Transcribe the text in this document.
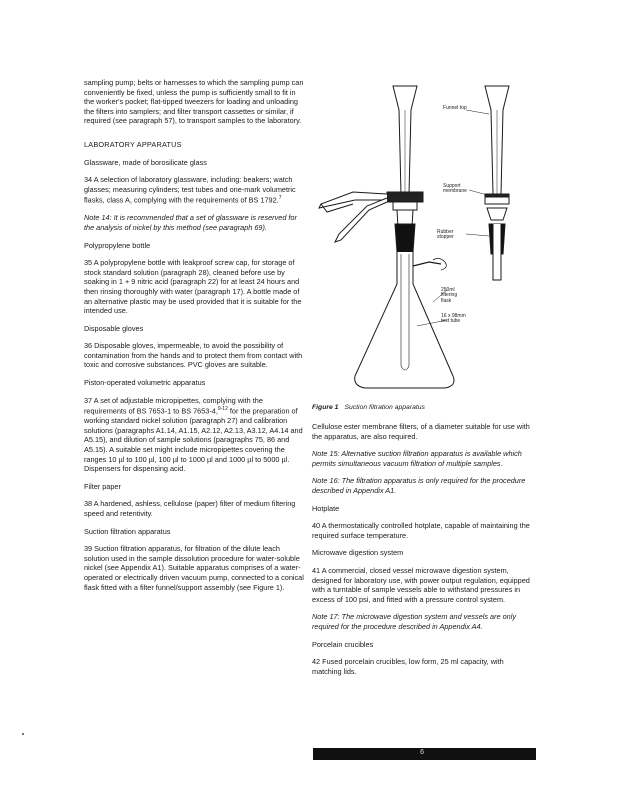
sampling pump; belts or harnesses to which the sampling pump can conveniently be fixed, unless the pump is sufficiently small to fit in the worker's pocket; flat-tipped tweezers for loading and unloading the filters into samplers; and filter transport cassettes or similar, if required (see paragraph 57), to transport samples to the laboratory.

LABORATORY APPARATUS

Glassware, made of borosilicate glass

34 A selection of laboratory glassware, including: beakers; watch glasses; measuring cylinders; test tubes and one-mark volumetric flasks, class A, complying with the requirements of BS 1792.$^7$

Note 14: It is recommended that a set of glassware is reserved for the analysis of nickel by this method (see paragraph 69).

Polypropylene bottle

35 A polypropylene bottle with leakproof screw cap, for storage of stock standard solution (paragraph 28), cleaned before use by soaking in 1 + 9 nitric acid (paragraph 22) for at least 24 hours and then rinsing thoroughly with water (paragraph 17). A bottle made of an alternative plastic may be used provided that it is suitable for the intended use.

Disposable gloves

36 Disposable gloves, impermeable, to avoid the possibility of contamination from the hands and to protect them from contact with toxic and corrosive substances. PVC gloves are suitable.

Piston-operated volumetric apparatus

37 A set of adjustable micropipettes, complying with the requirements of BS 7653-1 to BS 7653-4,$^{9-12}$ for the preparation of working standard nickel solution (paragraph 27) and calibration solutions (paragraphs A1.14, A1.15, A2.12, A2.13, A3.12, A4.14 and A5.15), and dilution of sample solutions (paragraphs 75, 86 and A5.15). A suitable set might include micropipettes covering the ranges 10 µl to 100 µl, 100 µl to 1000 µl and 1000 µl to 5000 µl. Dispensers for dispensing acid.

Filter paper

38 A hardened, ashless, cellulose (paper) filter of medium filtering speed and retentivity.

Suction filtration apparatus

39 Suction filtration apparatus, for filtration of the dilute leach solution used in the sample dissolution procedure for water-soluble nickel (see Appendix A1). Suitable apparatus comprises of a water-operated or electrically driven vacuum pump, connected to a conical flask fitted with a filter funnel/support assembly (see Figure 1).

Funnel top
Support membrane
Rubber stopper
250ml filtering flask
16 x 98mm test tube
Figure 1 Suction filtration apparatus

Cellulose ester membrane filters, of a diameter suitable for use with the apparatus, are also required.

Note 15: Alternative suction filtration apparatus is available which permits simultaneous vacuum filtration of multiple samples.

Note 16: The filtration apparatus is only required for the procedure described in Appendix A1.

Hotplate

40 A thermostatically controlled hotplate, capable of maintaining the required surface temperature.

Microwave digestion system

41 A commercial, closed vessel microwave digestion system, designed for laboratory use, with power output regulation, equipped with a turntable of sample vessels able to withstand pressures in excess of 100 psi, and fitted with a pressure control system.

Note 17: The microwave digestion system and vessels are only required for the procedure described in Appendix A4.

Porcelain crucibles

42 Fused porcelain crucibles, low form, 25 ml capacity, with matching lids.

6
